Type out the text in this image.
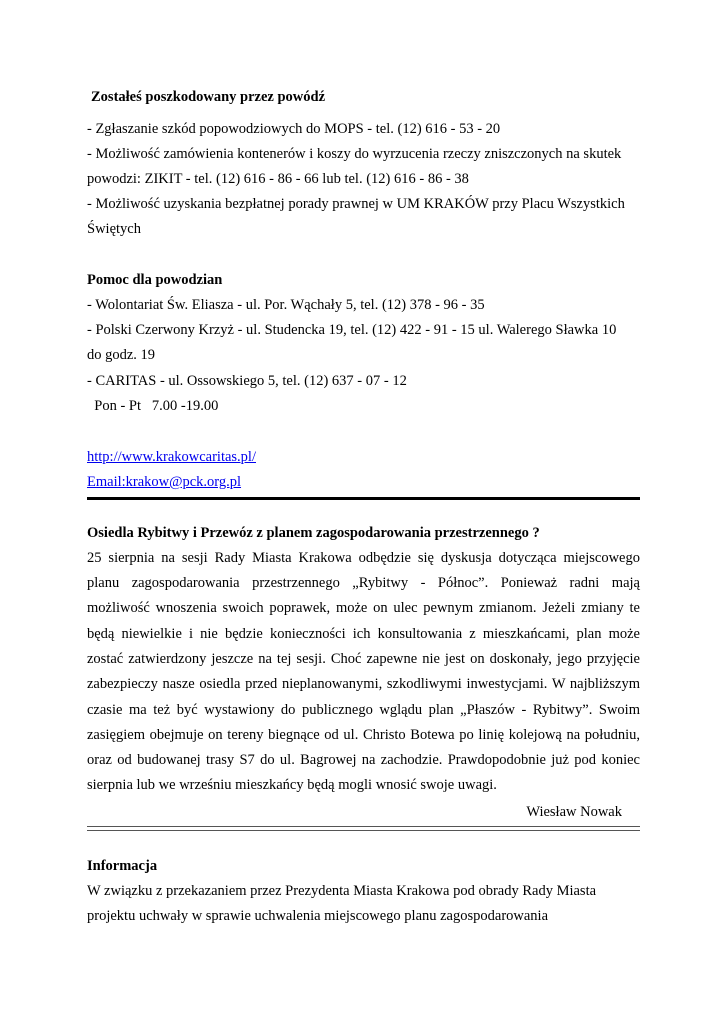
Zostałeś poszkodowany przez powódź
- Zgłaszanie szkód popowodziowych do MOPS - tel. (12) 616 - 53 - 20
- Możliwość zamówienia kontenerów i koszy do wyrzucenia rzeczy zniszczonych na skutek
powodzi: ZIKIT - tel. (12) 616 - 86 - 66 lub tel. (12) 616 - 86 - 38
- Możliwość uzyskania bezpłatnej porady prawnej w UM KRAKÓW przy Placu Wszystkich
Świętych
Pomoc dla powodzian
- Wolontariat Św. Eliasza - ul. Por. Wąchały 5, tel. (12) 378 - 96 - 35
- Polski Czerwony Krzyż - ul. Studencka 19, tel. (12) 422 - 91 - 15 ul. Walerego Sławka 10
do godz. 19
- CARITAS - ul. Ossowskiego 5, tel. (12) 637 - 07 - 12
Pon - Pt   7.00 -19.00
http://www.krakowcaritas.pl/
Email:krakow@pck.org.pl
Osiedla Rybitwy i Przewóz z planem zagospodarowania przestrzennego ?
25 sierpnia na sesji Rady Miasta Krakowa odbędzie się dyskusja dotycząca miejscowego
planu zagospodarowania przestrzennego „Rybitwy - Północ”. Ponieważ radni mają
możliwość wnoszenia swoich poprawek, może on ulec pewnym zmianom. Jeżeli zmiany te
będą niewielkie i nie będzie konieczności ich konsultowania z mieszkańcami, plan może
zostać zatwierdzony jeszcze na tej sesji. Choć zapewne nie jest on doskonały, jego przyjęcie
zabezpieczy nasze osiedla przed nieplanowanymi, szkodliwymi inwestycjami. W najbliższym
czasie ma też być wystawiony do publicznego wglądu plan „Płaszów - Rybitwy”. Swoim
zasięgiem obejmuje on tereny biegnące od ul. Christo Botewa po linię kolejową na południu,
oraz od budowanej trasy S7 do ul. Bagrowej na zachodzie. Prawdopodobnie już pod koniec
sierpnia lub we wrześniu mieszkańcy będą mogli wnosić swoje uwagi.
Wiesław Nowak
Informacja
W związku z przekazaniem przez Prezydenta Miasta Krakowa pod obrady Rady Miasta
projektu uchwały w sprawie uchwalenia miejscowego planu zagospodarowania
